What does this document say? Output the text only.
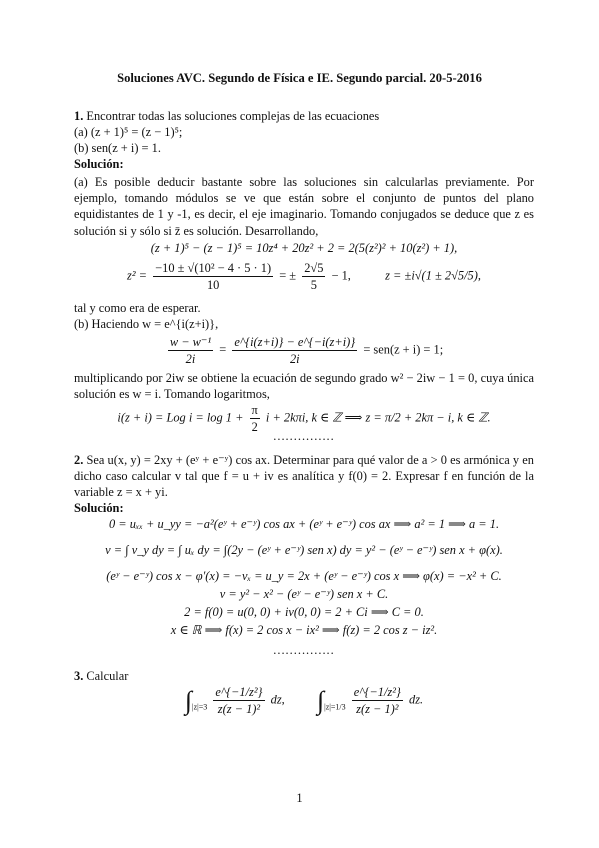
Soluciones AVC. Segundo de Física e IE. Segundo parcial. 20-5-2016
1. Encontrar todas las soluciones complejas de las ecuaciones
(a) (z + 1)⁵ = (z − 1)⁵;
(b) sen(z + i) = 1.
Solución:
(a) Es posible deducir bastante sobre las soluciones sin calcularlas previamente. Por ejemplo, tomando módulos se ve que están sobre el conjunto de puntos del plano equidistantes de 1 y -1, es decir, el eje imaginario. Tomando conjugados se deduce que z es solución si y sólo si z̄ es solución. Desarrollando,
(z + 1)⁵ − (z − 1)⁵ = 10z⁴ + 20z² + 2 = 2(5(z²)² + 10(z²) + 1),
$z^2 = \frac{\text{−10 ± √(10² − 4 · 5 · 1)}}{10}$ = ± $\frac{2√5}{5} - 1$,	z = ±i√(1 ± 2√5/5),
tal y como era de esperar.
(b) Haciendo w = e^{i(z+i)},
$\frac{\text{w − w⁻¹}}{2i} = \frac{e\^{}\{i(z+i)\} - e\^{}\{-i(z+i)\}}{2i} = sen(z + i) = 1$;
multiplicando por 2iw se obtiene la ecuación de segundo grado w² − 2iw − 1 = 0, cuya única solución es w = i. Tomando logaritmos,
i(z + i) = Log $i = \log 1 + \frac{\pi}{2}$ i + 2kπi, k ∈ ℤ ⟹ z = π/2 + 2kπ − i, k ∈ ℤ.
...............
2. Sea u(x, y) = 2xy + (eʸ + e⁻ʸ) cos ax. Determinar para qué valor de a > 0 es armónica y en dicho caso calcular v tal que f = u + iv es analítica y f(0) = 2. Expresar f en función de la variable z = x + yi.
Solución:
0 = uₓₓ + u_yy = −a²(eʸ + e⁻ʸ) cos ax + (eʸ + e⁻ʸ) cos ax ⟹ a² = 1 ⟹ a = 1.
v = ∫ v_y dy = ∫ uₓ dy = ∫(2y − (eʸ + e⁻ʸ) sen x) dy = y² − (eʸ − e⁻ʸ) sen x + φ(x).
(eʸ − e⁻ʸ) cos x − φ′(x) = −vₓ = u_y = 2x + (eʸ − e⁻ʸ) cos x ⟹ φ(x) = −x² + C.
v = y² − x² − (eʸ − e⁻ʸ) sen x + C.
2 = f(0) = u(0, 0) + iv(0, 0) = 2 + Ci ⟹ C = 0.
x ∈ ℝ ⟹ f(x) = 2 cos x − ix² ⟹ f(z) = 2 cos z − iz².
...............
3. Calcular
$\int_{|z|=3} \frac{\text{e\textasciicircum{}\{−1/z²\}}}{\text{z(z − 1)²}}$ dz, $\int_{|z|=1/3} \frac{\text{e\textasciicircum{}\{−1/z²\}}}{\text{z(z − 1)²}}$ dz.
1
